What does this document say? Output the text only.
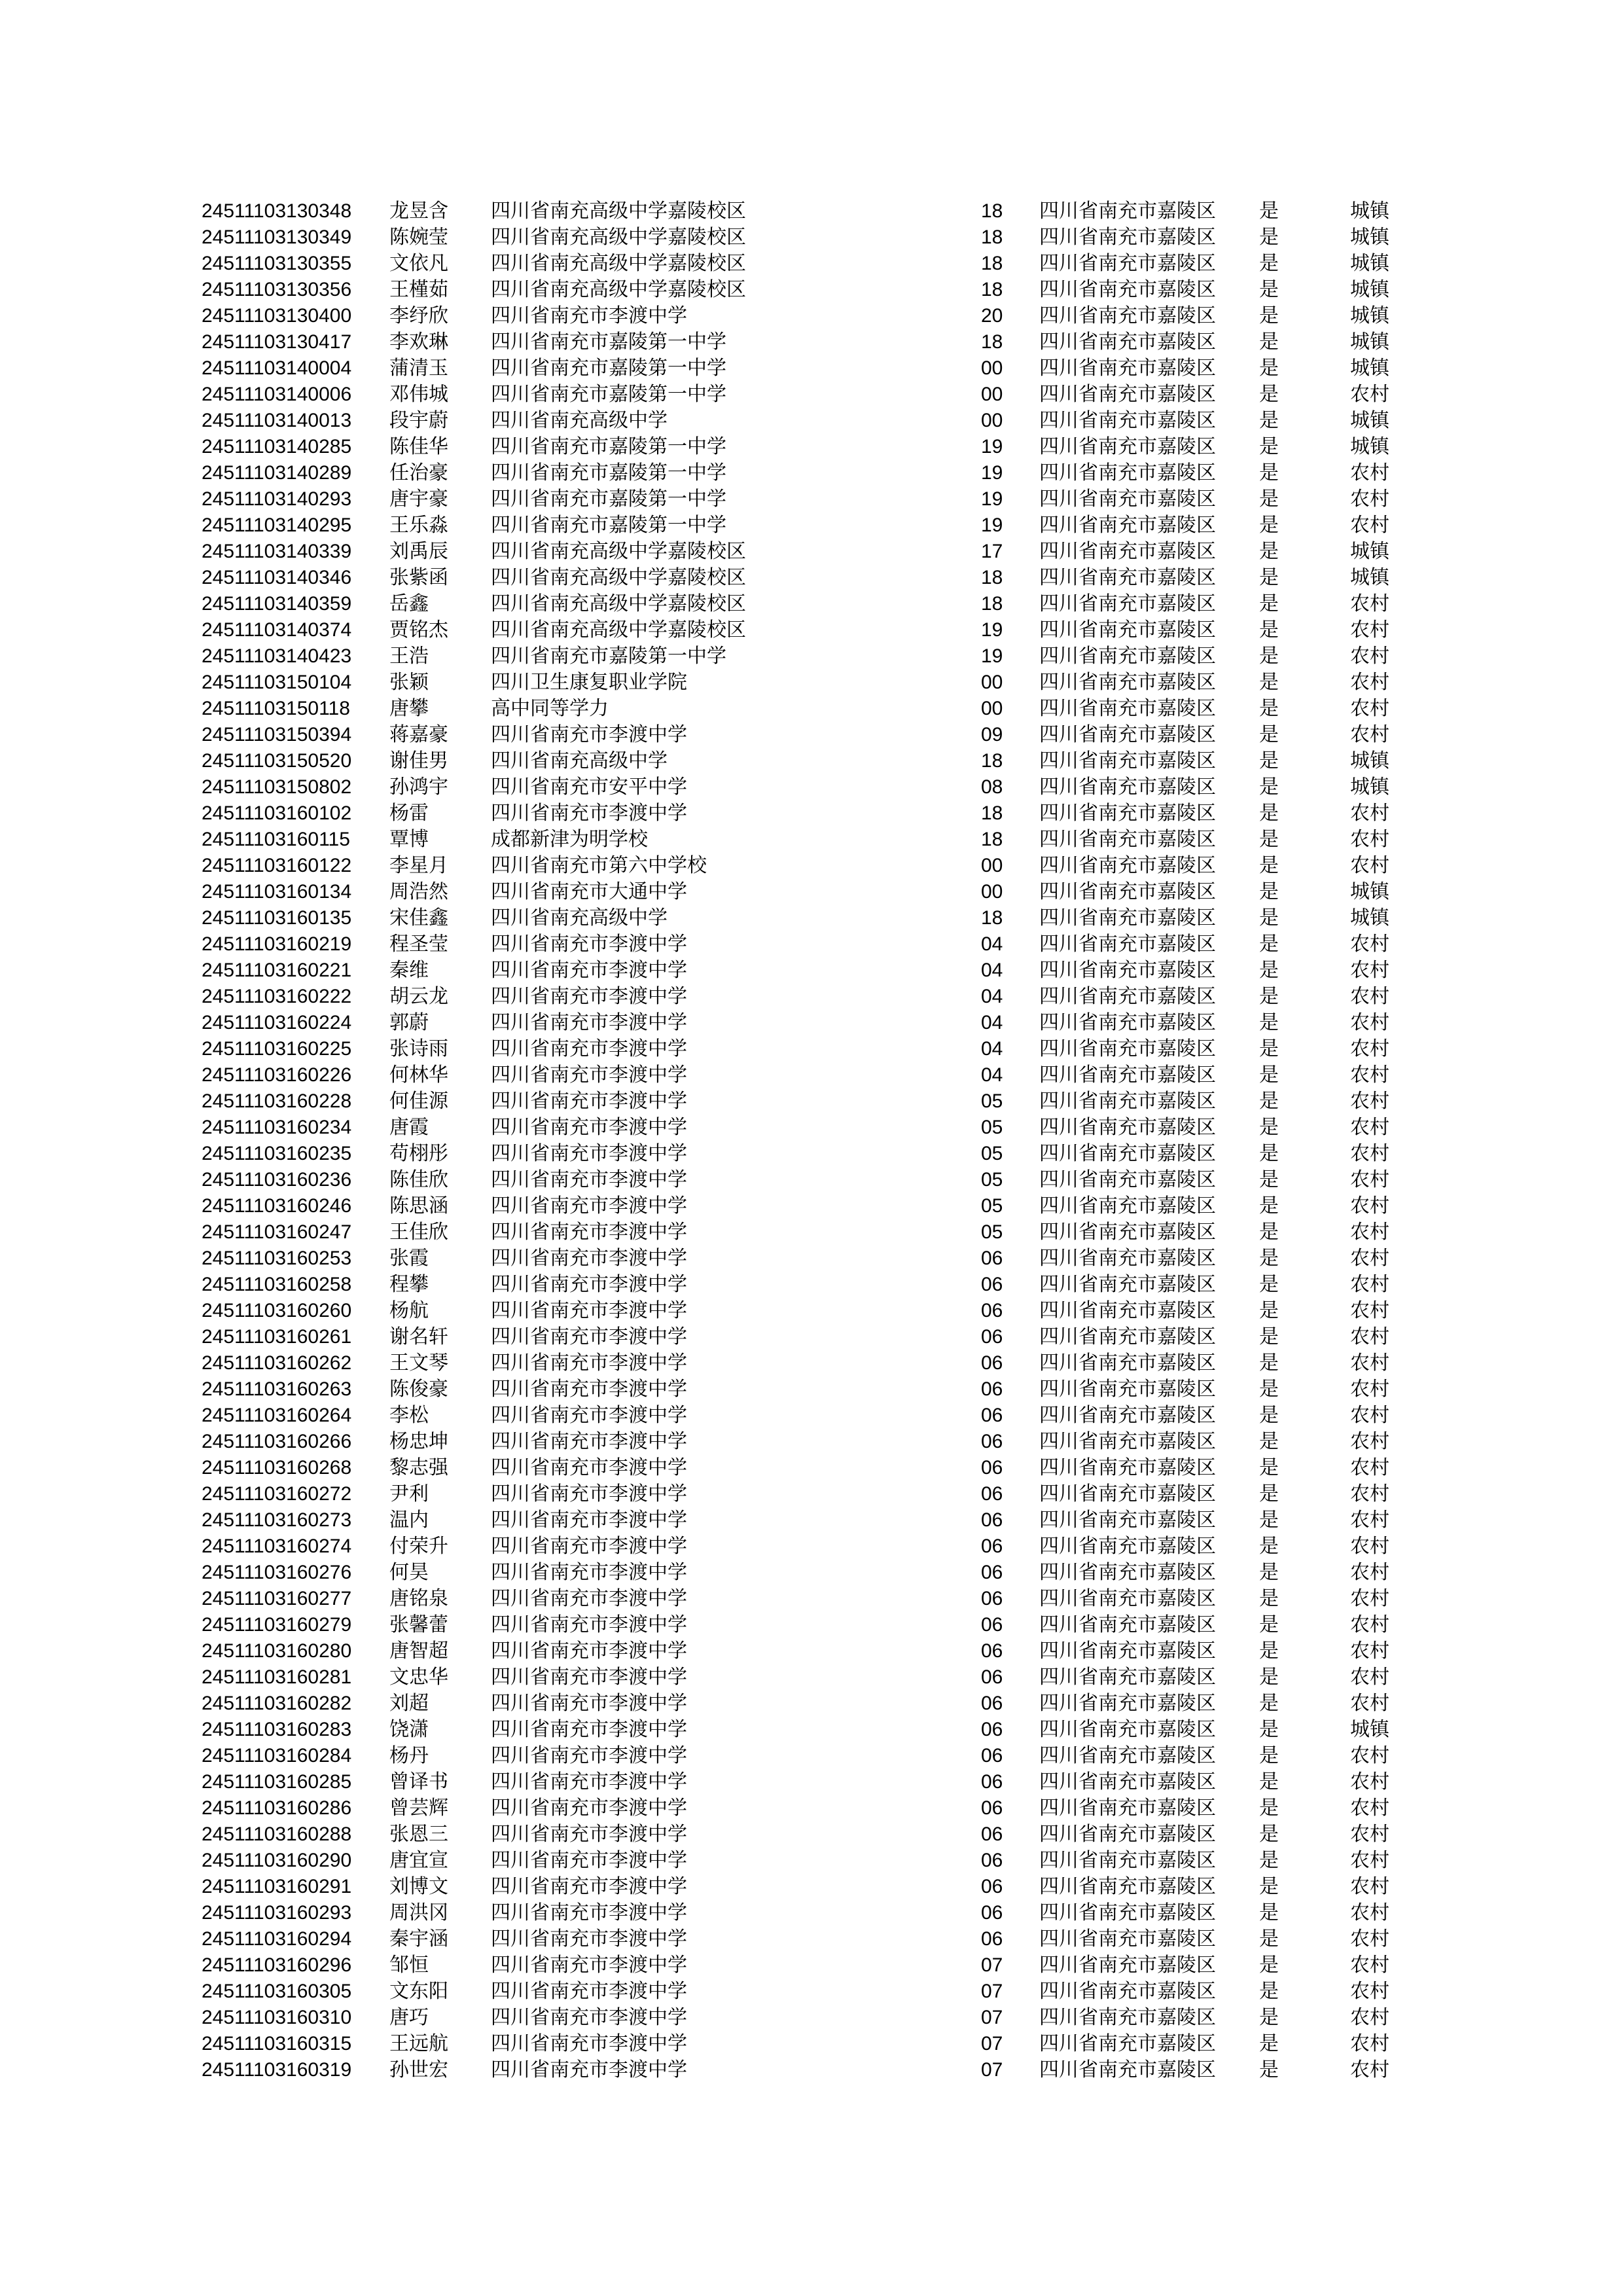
24511103130348	龙昱含	四川省南充高级中学嘉陵校区	18	四川省南充市嘉陵区	是	城镇
24511103130349	陈婉莹	四川省南充高级中学嘉陵校区	18	四川省南充市嘉陵区	是	城镇
24511103130355	文依凡	四川省南充高级中学嘉陵校区	18	四川省南充市嘉陵区	是	城镇
24511103130356	王槿茹	四川省南充高级中学嘉陵校区	18	四川省南充市嘉陵区	是	城镇
24511103130400	李纾欣	四川省南充市李渡中学	20	四川省南充市嘉陵区	是	城镇
24511103130417	李欢琳	四川省南充市嘉陵第一中学	18	四川省南充市嘉陵区	是	城镇
24511103140004	蒲清玉	四川省南充市嘉陵第一中学	00	四川省南充市嘉陵区	是	城镇
24511103140006	邓伟城	四川省南充市嘉陵第一中学	00	四川省南充市嘉陵区	是	农村
24511103140013	段宇蔚	四川省南充高级中学	00	四川省南充市嘉陵区	是	城镇
24511103140285	陈佳华	四川省南充市嘉陵第一中学	19	四川省南充市嘉陵区	是	城镇
24511103140289	任治豪	四川省南充市嘉陵第一中学	19	四川省南充市嘉陵区	是	农村
24511103140293	唐宇豪	四川省南充市嘉陵第一中学	19	四川省南充市嘉陵区	是	农村
24511103140295	王乐淼	四川省南充市嘉陵第一中学	19	四川省南充市嘉陵区	是	农村
24511103140339	刘禹辰	四川省南充高级中学嘉陵校区	17	四川省南充市嘉陵区	是	城镇
24511103140346	张紫函	四川省南充高级中学嘉陵校区	18	四川省南充市嘉陵区	是	城镇
24511103140359	岳鑫	四川省南充高级中学嘉陵校区	18	四川省南充市嘉陵区	是	农村
24511103140374	贾铭杰	四川省南充高级中学嘉陵校区	19	四川省南充市嘉陵区	是	农村
24511103140423	王浩	四川省南充市嘉陵第一中学	19	四川省南充市嘉陵区	是	农村
24511103150104	张颖	四川卫生康复职业学院	00	四川省南充市嘉陵区	是	农村
24511103150118	唐攀	高中同等学力	00	四川省南充市嘉陵区	是	农村
24511103150394	蒋嘉豪	四川省南充市李渡中学	09	四川省南充市嘉陵区	是	农村
24511103150520	谢佳男	四川省南充高级中学	18	四川省南充市嘉陵区	是	城镇
24511103150802	孙鸿宇	四川省南充市安平中学	08	四川省南充市嘉陵区	是	城镇
24511103160102	杨雷	四川省南充市李渡中学	18	四川省南充市嘉陵区	是	农村
24511103160115	覃博	成都新津为明学校	18	四川省南充市嘉陵区	是	农村
24511103160122	李星月	四川省南充市第六中学校	00	四川省南充市嘉陵区	是	农村
24511103160134	周浩然	四川省南充市大通中学	00	四川省南充市嘉陵区	是	城镇
24511103160135	宋佳鑫	四川省南充高级中学	18	四川省南充市嘉陵区	是	城镇
24511103160219	程圣莹	四川省南充市李渡中学	04	四川省南充市嘉陵区	是	农村
24511103160221	秦维	四川省南充市李渡中学	04	四川省南充市嘉陵区	是	农村
24511103160222	胡云龙	四川省南充市李渡中学	04	四川省南充市嘉陵区	是	农村
24511103160224	郭蔚	四川省南充市李渡中学	04	四川省南充市嘉陵区	是	农村
24511103160225	张诗雨	四川省南充市李渡中学	04	四川省南充市嘉陵区	是	农村
24511103160226	何林华	四川省南充市李渡中学	04	四川省南充市嘉陵区	是	农村
24511103160228	何佳源	四川省南充市李渡中学	05	四川省南充市嘉陵区	是	农村
24511103160234	唐霞	四川省南充市李渡中学	05	四川省南充市嘉陵区	是	农村
24511103160235	苟栩彤	四川省南充市李渡中学	05	四川省南充市嘉陵区	是	农村
24511103160236	陈佳欣	四川省南充市李渡中学	05	四川省南充市嘉陵区	是	农村
24511103160246	陈思涵	四川省南充市李渡中学	05	四川省南充市嘉陵区	是	农村
24511103160247	王佳欣	四川省南充市李渡中学	05	四川省南充市嘉陵区	是	农村
24511103160253	张霞	四川省南充市李渡中学	06	四川省南充市嘉陵区	是	农村
24511103160258	程攀	四川省南充市李渡中学	06	四川省南充市嘉陵区	是	农村
24511103160260	杨航	四川省南充市李渡中学	06	四川省南充市嘉陵区	是	农村
24511103160261	谢名轩	四川省南充市李渡中学	06	四川省南充市嘉陵区	是	农村
24511103160262	王文琴	四川省南充市李渡中学	06	四川省南充市嘉陵区	是	农村
24511103160263	陈俊豪	四川省南充市李渡中学	06	四川省南充市嘉陵区	是	农村
24511103160264	李松	四川省南充市李渡中学	06	四川省南充市嘉陵区	是	农村
24511103160266	杨忠坤	四川省南充市李渡中学	06	四川省南充市嘉陵区	是	农村
24511103160268	黎志强	四川省南充市李渡中学	06	四川省南充市嘉陵区	是	农村
24511103160272	尹利	四川省南充市李渡中学	06	四川省南充市嘉陵区	是	农村
24511103160273	温内	四川省南充市李渡中学	06	四川省南充市嘉陵区	是	农村
24511103160274	付荣升	四川省南充市李渡中学	06	四川省南充市嘉陵区	是	农村
24511103160276	何昊	四川省南充市李渡中学	06	四川省南充市嘉陵区	是	农村
24511103160277	唐铭泉	四川省南充市李渡中学	06	四川省南充市嘉陵区	是	农村
24511103160279	张馨蕾	四川省南充市李渡中学	06	四川省南充市嘉陵区	是	农村
24511103160280	唐智超	四川省南充市李渡中学	06	四川省南充市嘉陵区	是	农村
24511103160281	文忠华	四川省南充市李渡中学	06	四川省南充市嘉陵区	是	农村
24511103160282	刘超	四川省南充市李渡中学	06	四川省南充市嘉陵区	是	农村
24511103160283	饶潇	四川省南充市李渡中学	06	四川省南充市嘉陵区	是	城镇
24511103160284	杨丹	四川省南充市李渡中学	06	四川省南充市嘉陵区	是	农村
24511103160285	曾译书	四川省南充市李渡中学	06	四川省南充市嘉陵区	是	农村
24511103160286	曾芸辉	四川省南充市李渡中学	06	四川省南充市嘉陵区	是	农村
24511103160288	张恩三	四川省南充市李渡中学	06	四川省南充市嘉陵区	是	农村
24511103160290	唐宜宣	四川省南充市李渡中学	06	四川省南充市嘉陵区	是	农村
24511103160291	刘博文	四川省南充市李渡中学	06	四川省南充市嘉陵区	是	农村
24511103160293	周洪冈	四川省南充市李渡中学	06	四川省南充市嘉陵区	是	农村
24511103160294	秦宇涵	四川省南充市李渡中学	06	四川省南充市嘉陵区	是	农村
24511103160296	邹恒	四川省南充市李渡中学	07	四川省南充市嘉陵区	是	农村
24511103160305	文东阳	四川省南充市李渡中学	07	四川省南充市嘉陵区	是	农村
24511103160310	唐巧	四川省南充市李渡中学	07	四川省南充市嘉陵区	是	农村
24511103160315	王远航	四川省南充市李渡中学	07	四川省南充市嘉陵区	是	农村
24511103160319	孙世宏	四川省南充市李渡中学	07	四川省南充市嘉陵区	是	农村
